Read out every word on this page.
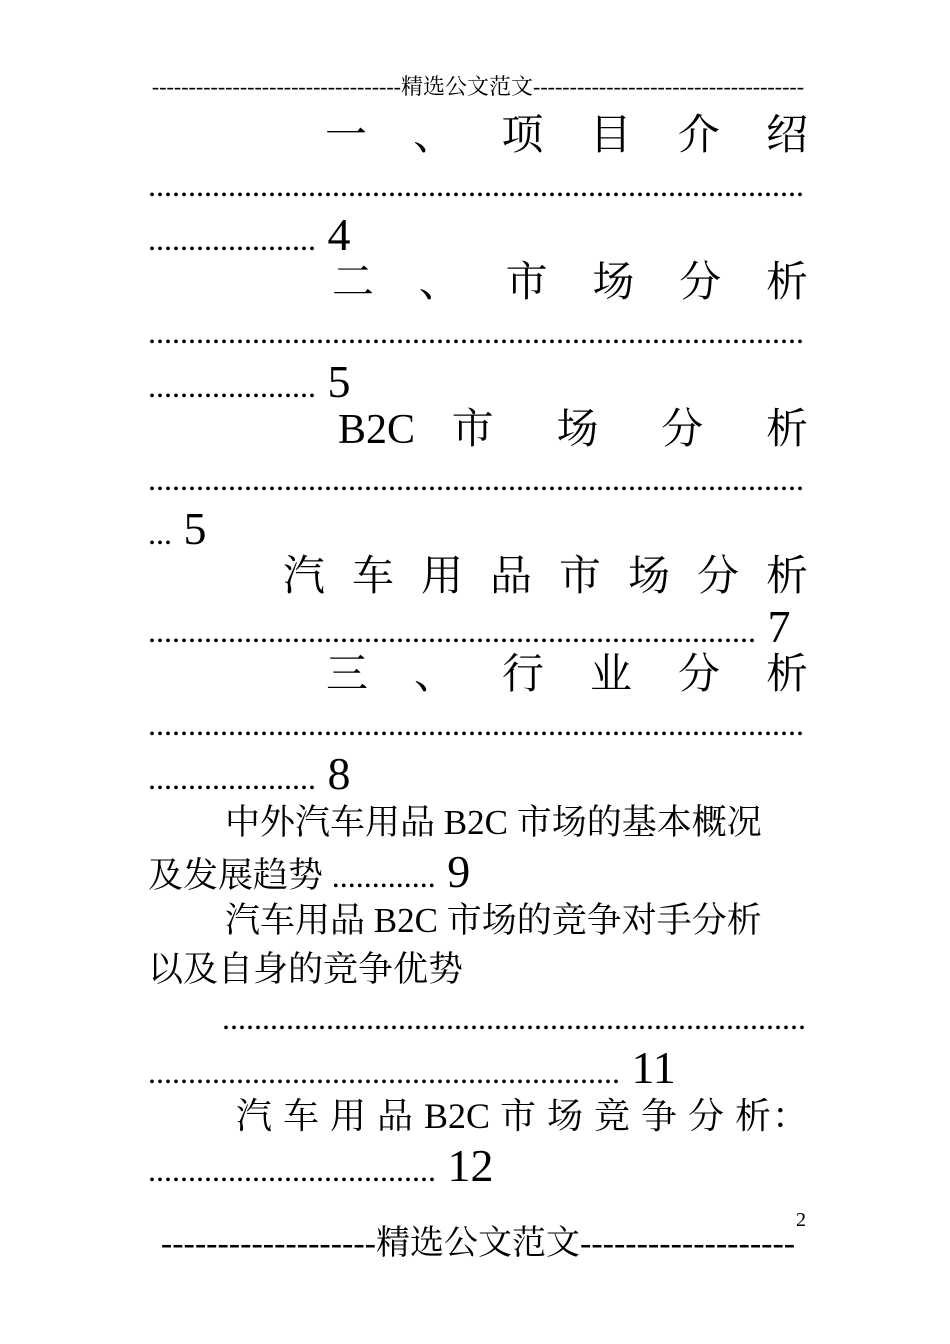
----------------------------------精选公文范文-------------------------------------
一 、 项 目 介 绍
..................................................................................
..................... 4
二 、 市 场 分 析
..................................................................................
..................... 5
B2C 市 场 分 析
..................................................................................
... 5
汽 车 用 品 市 场 分 析
............................................................................ 7
三 、 行 业 分 析
..................................................................................
..................... 8
中外汽车用品 B2C 市场的基本概况
及发展趋势 ............. 9
汽车用品 B2C 市场的竞争对手分析
以及自身的竞争优势
.........................................................................
........................................................... 11
汽 车 用 品 B2C 市 场 竞 争 分 析：
.................................... 12
2
-------------------精选公文范文-------------------
